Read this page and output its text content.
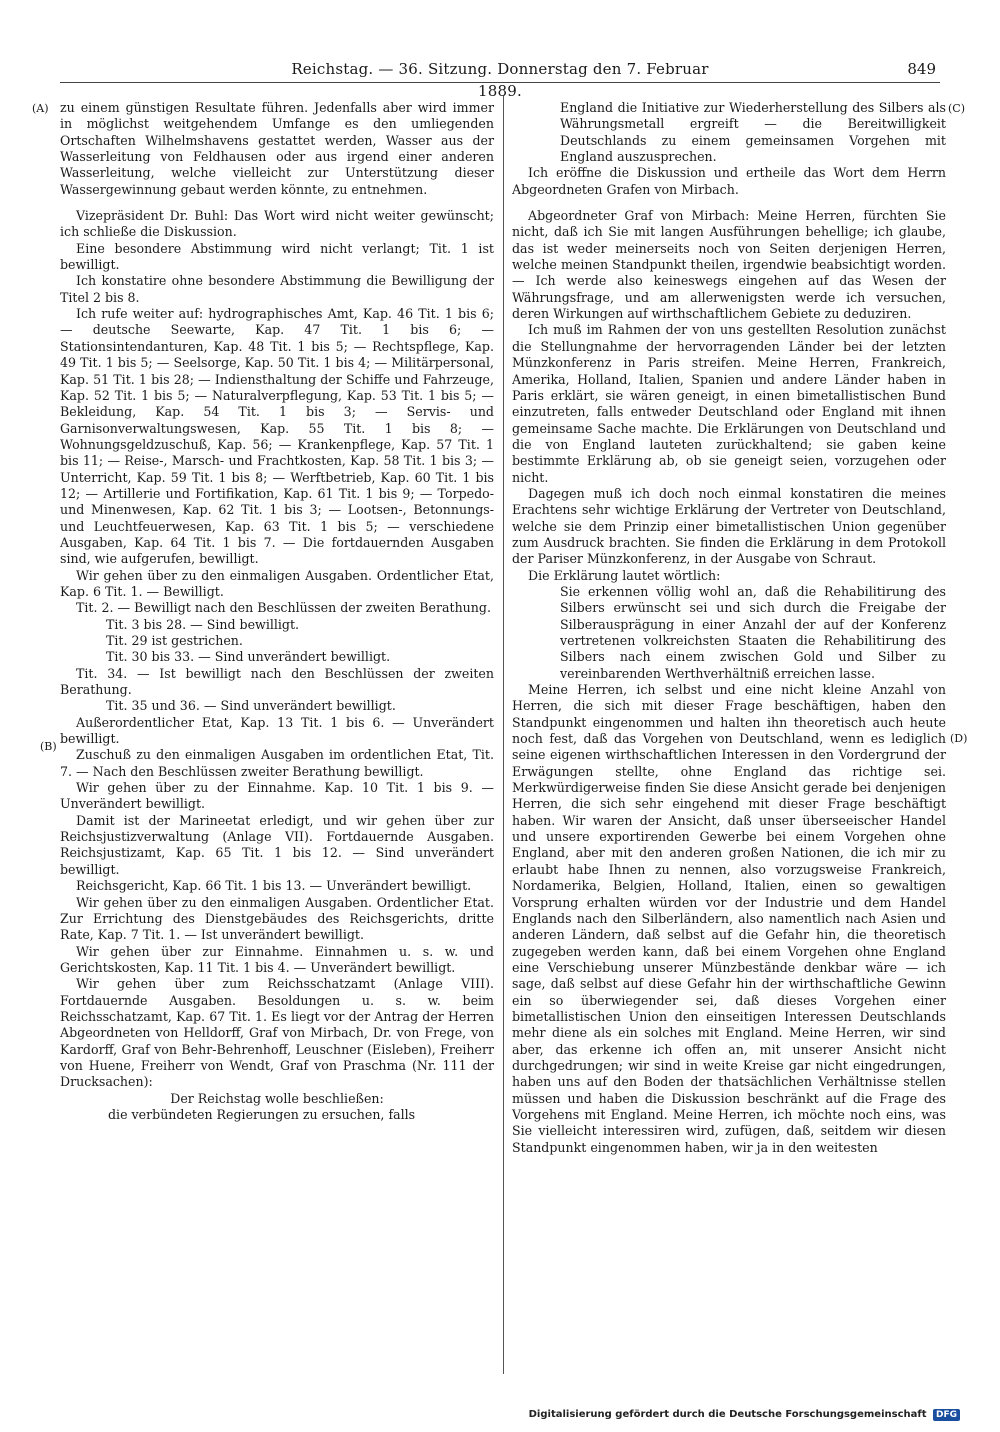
Reichstag. — 36. Sitzung. Donnerstag den 7. Februar 1889.
849
(A)
(B)
(C)
(D)

zu einem günstigen Resultate führen. Jedenfalls aber wird immer in möglichst weitgehendem Umfange es den umliegenden Ortschaften Wilhelmshavens gestattet werden, Wasser aus der Wasserleitung von Feldhausen oder aus irgend einer anderen Wasserleitung, welche vielleicht zur Unterstützung dieser Wassergewinnung gebaut werden könnte, zu entnehmen.

Vizepräsident Dr. Buhl: Das Wort wird nicht weiter gewünscht; ich schließe die Diskussion.

Eine besondere Abstimmung wird nicht verlangt; Tit. 1 ist bewilligt.

Ich konstatire ohne besondere Abstimmung die Bewilligung der Titel 2 bis 8.

Ich rufe weiter auf: hydrographisches Amt, Kap. 46 Tit. 1 bis 6; — deutsche Seewarte, Kap. 47 Tit. 1 bis 6; — Stationsintendanturen, Kap. 48 Tit. 1 bis 5; — Rechtspflege, Kap. 49 Tit. 1 bis 5; — Seelsorge, Kap. 50 Tit. 1 bis 4; — Militärpersonal, Kap. 51 Tit. 1 bis 28; — Indiensthaltung der Schiffe und Fahrzeuge, Kap. 52 Tit. 1 bis 5; — Naturalverpflegung, Kap. 53 Tit. 1 bis 5; — Bekleidung, Kap. 54 Tit. 1 bis 3; — Servis- und Garnisonverwaltungswesen, Kap. 55 Tit. 1 bis 8; — Wohnungsgeldzuschuß, Kap. 56; — Krankenpflege, Kap. 57 Tit. 1 bis 11; — Reise-, Marsch- und Frachtkosten, Kap. 58 Tit. 1 bis 3; — Unterricht, Kap. 59 Tit. 1 bis 8; — Werftbetrieb, Kap. 60 Tit. 1 bis 12; — Artillerie und Fortifikation, Kap. 61 Tit. 1 bis 9; — Torpedo- und Minenwesen, Kap. 62 Tit. 1 bis 3; — Lootsen-, Betonnungs- und Leuchtfeuerwesen, Kap. 63 Tit. 1 bis 5; — verschiedene Ausgaben, Kap. 64 Tit. 1 bis 7. — Die fortdauernden Ausgaben sind, wie aufgerufen, bewilligt.

Wir gehen über zu den einmaligen Ausgaben. Ordentlicher Etat, Kap. 6 Tit. 1. — Bewilligt.

Tit. 2. — Bewilligt nach den Beschlüssen der zweiten Berathung.

Tit. 3 bis 28. — Sind bewilligt.

Tit. 29 ist gestrichen.

Tit. 30 bis 33. — Sind unverändert bewilligt.

Tit. 34. — Ist bewilligt nach den Beschlüssen der zweiten Berathung.

Tit. 35 und 36. — Sind unverändert bewilligt.

Außerordentlicher Etat, Kap. 13 Tit. 1 bis 6. — Unverändert bewilligt.

Zuschuß zu den einmaligen Ausgaben im ordentlichen Etat, Tit. 7. — Nach den Beschlüssen zweiter Berathung bewilligt.

Wir gehen über zu der Einnahme. Kap. 10 Tit. 1 bis 9. — Unverändert bewilligt.

Damit ist der Marineetat erledigt, und wir gehen über zur Reichsjustizverwaltung (Anlage VII). Fortdauernde Ausgaben. Reichsjustizamt, Kap. 65 Tit. 1 bis 12. — Sind unverändert bewilligt.

Reichsgericht, Kap. 66 Tit. 1 bis 13. — Unverändert bewilligt.

Wir gehen über zu den einmaligen Ausgaben. Ordentlicher Etat. Zur Errichtung des Dienstgebäudes des Reichsgerichts, dritte Rate, Kap. 7 Tit. 1. — Ist unverändert bewilligt.

Wir gehen über zur Einnahme. Einnahmen u. s. w. und Gerichtskosten, Kap. 11 Tit. 1 bis 4. — Unverändert bewilligt.

Wir gehen über zum Reichsschatzamt (Anlage VIII). Fortdauernde Ausgaben. Besoldungen u. s. w. beim Reichsschatzamt, Kap. 67 Tit. 1. Es liegt vor der Antrag der Herren Abgeordneten von Helldorff, Graf von Mirbach, Dr. von Frege, von Kardorff, Graf von Behr-Behrenhoff, Leuschner (Eisleben), Freiherr von Huene, Freiherr von Wendt, Graf von Praschma (Nr. 111 der Drucksachen):

Der Reichstag wolle beschließen:

die verbündeten Regierungen zu ersuchen, falls

England die Initiative zur Wiederherstellung des Silbers als Währungsmetall ergreift — die Bereitwilligkeit Deutschlands zu einem gemeinsamen Vorgehen mit England auszusprechen.

Ich eröffne die Diskussion und ertheile das Wort dem Herrn Abgeordneten Grafen von Mirbach.

Abgeordneter Graf von Mirbach: Meine Herren, fürchten Sie nicht, daß ich Sie mit langen Ausführungen behellige; ich glaube, das ist weder meinerseits noch von Seiten derjenigen Herren, welche meinen Standpunkt theilen, irgendwie beabsichtigt worden. — Ich werde also keineswegs eingehen auf das Wesen der Währungsfrage, und am allerwenigsten werde ich versuchen, deren Wirkungen auf wirthschaftlichem Gebiete zu deduziren.

Ich muß im Rahmen der von uns gestellten Resolution zunächst die Stellungnahme der hervorragenden Länder bei der letzten Münzkonferenz in Paris streifen. Meine Herren, Frankreich, Amerika, Holland, Italien, Spanien und andere Länder haben in Paris erklärt, sie wären geneigt, in einen bimetallistischen Bund einzutreten, falls entweder Deutschland oder England mit ihnen gemeinsame Sache machte. Die Erklärungen von Deutschland und die von England lauteten zurückhaltend; sie gaben keine bestimmte Erklärung ab, ob sie geneigt seien, vorzugehen oder nicht.

Dagegen muß ich doch noch einmal konstatiren die meines Erachtens sehr wichtige Erklärung der Vertreter von Deutschland, welche sie dem Prinzip einer bimetallistischen Union gegenüber zum Ausdruck brachten. Sie finden die Erklärung in dem Protokoll der Pariser Münzkonferenz, in der Ausgabe von Schraut.

Die Erklärung lautet wörtlich:

Sie erkennen völlig wohl an, daß die Rehabilitirung des Silbers erwünscht sei und sich durch die Freigabe der Silberausprägung in einer Anzahl der auf der Konferenz vertretenen volkreichsten Staaten die Rehabilitirung des Silbers nach einem zwischen Gold und Silber zu vereinbarenden Werthverhältniß erreichen lasse.

Meine Herren, ich selbst und eine nicht kleine Anzahl von Herren, die sich mit dieser Frage beschäftigen, haben den Standpunkt eingenommen und halten ihn theoretisch auch heute noch fest, daß das Vorgehen von Deutschland, wenn es lediglich seine eigenen wirthschaftlichen Interessen in den Vordergrund der Erwägungen stellte, ohne England das richtige sei. Merkwürdigerweise finden Sie diese Ansicht gerade bei denjenigen Herren, die sich sehr eingehend mit dieser Frage beschäftigt haben. Wir waren der Ansicht, daß unser überseeischer Handel und unsere exportirenden Gewerbe bei einem Vorgehen ohne England, aber mit den anderen großen Nationen, die ich mir zu erlaubt habe Ihnen zu nennen, also vorzugsweise Frankreich, Nordamerika, Belgien, Holland, Italien, einen so gewaltigen Vorsprung erhalten würden vor der Industrie und dem Handel Englands nach den Silberländern, also namentlich nach Asien und anderen Ländern, daß selbst auf die Gefahr hin, die theoretisch zugegeben werden kann, daß bei einem Vorgehen ohne England eine Verschiebung unserer Münzbestände denkbar wäre — ich sage, daß selbst auf diese Gefahr hin der wirthschaftliche Gewinn ein so überwiegender sei, daß dieses Vorgehen einer bimetallistischen Union den einseitigen Interessen Deutschlands mehr diene als ein solches mit England. Meine Herren, wir sind aber, das erkenne ich offen an, mit unserer Ansicht nicht durchgedrungen; wir sind in weite Kreise gar nicht eingedrungen, haben uns auf den Boden der thatsächlichen Verhältnisse stellen müssen und haben die Diskussion beschränkt auf die Frage des Vorgehens mit England. Meine Herren, ich möchte noch eins, was Sie vielleicht interessiren wird, zufügen, daß, seitdem wir diesen Standpunkt eingenommen haben, wir ja in den weitesten

Digitalisierung gefördert durch die Deutsche Forschungsgemeinschaft DFG
